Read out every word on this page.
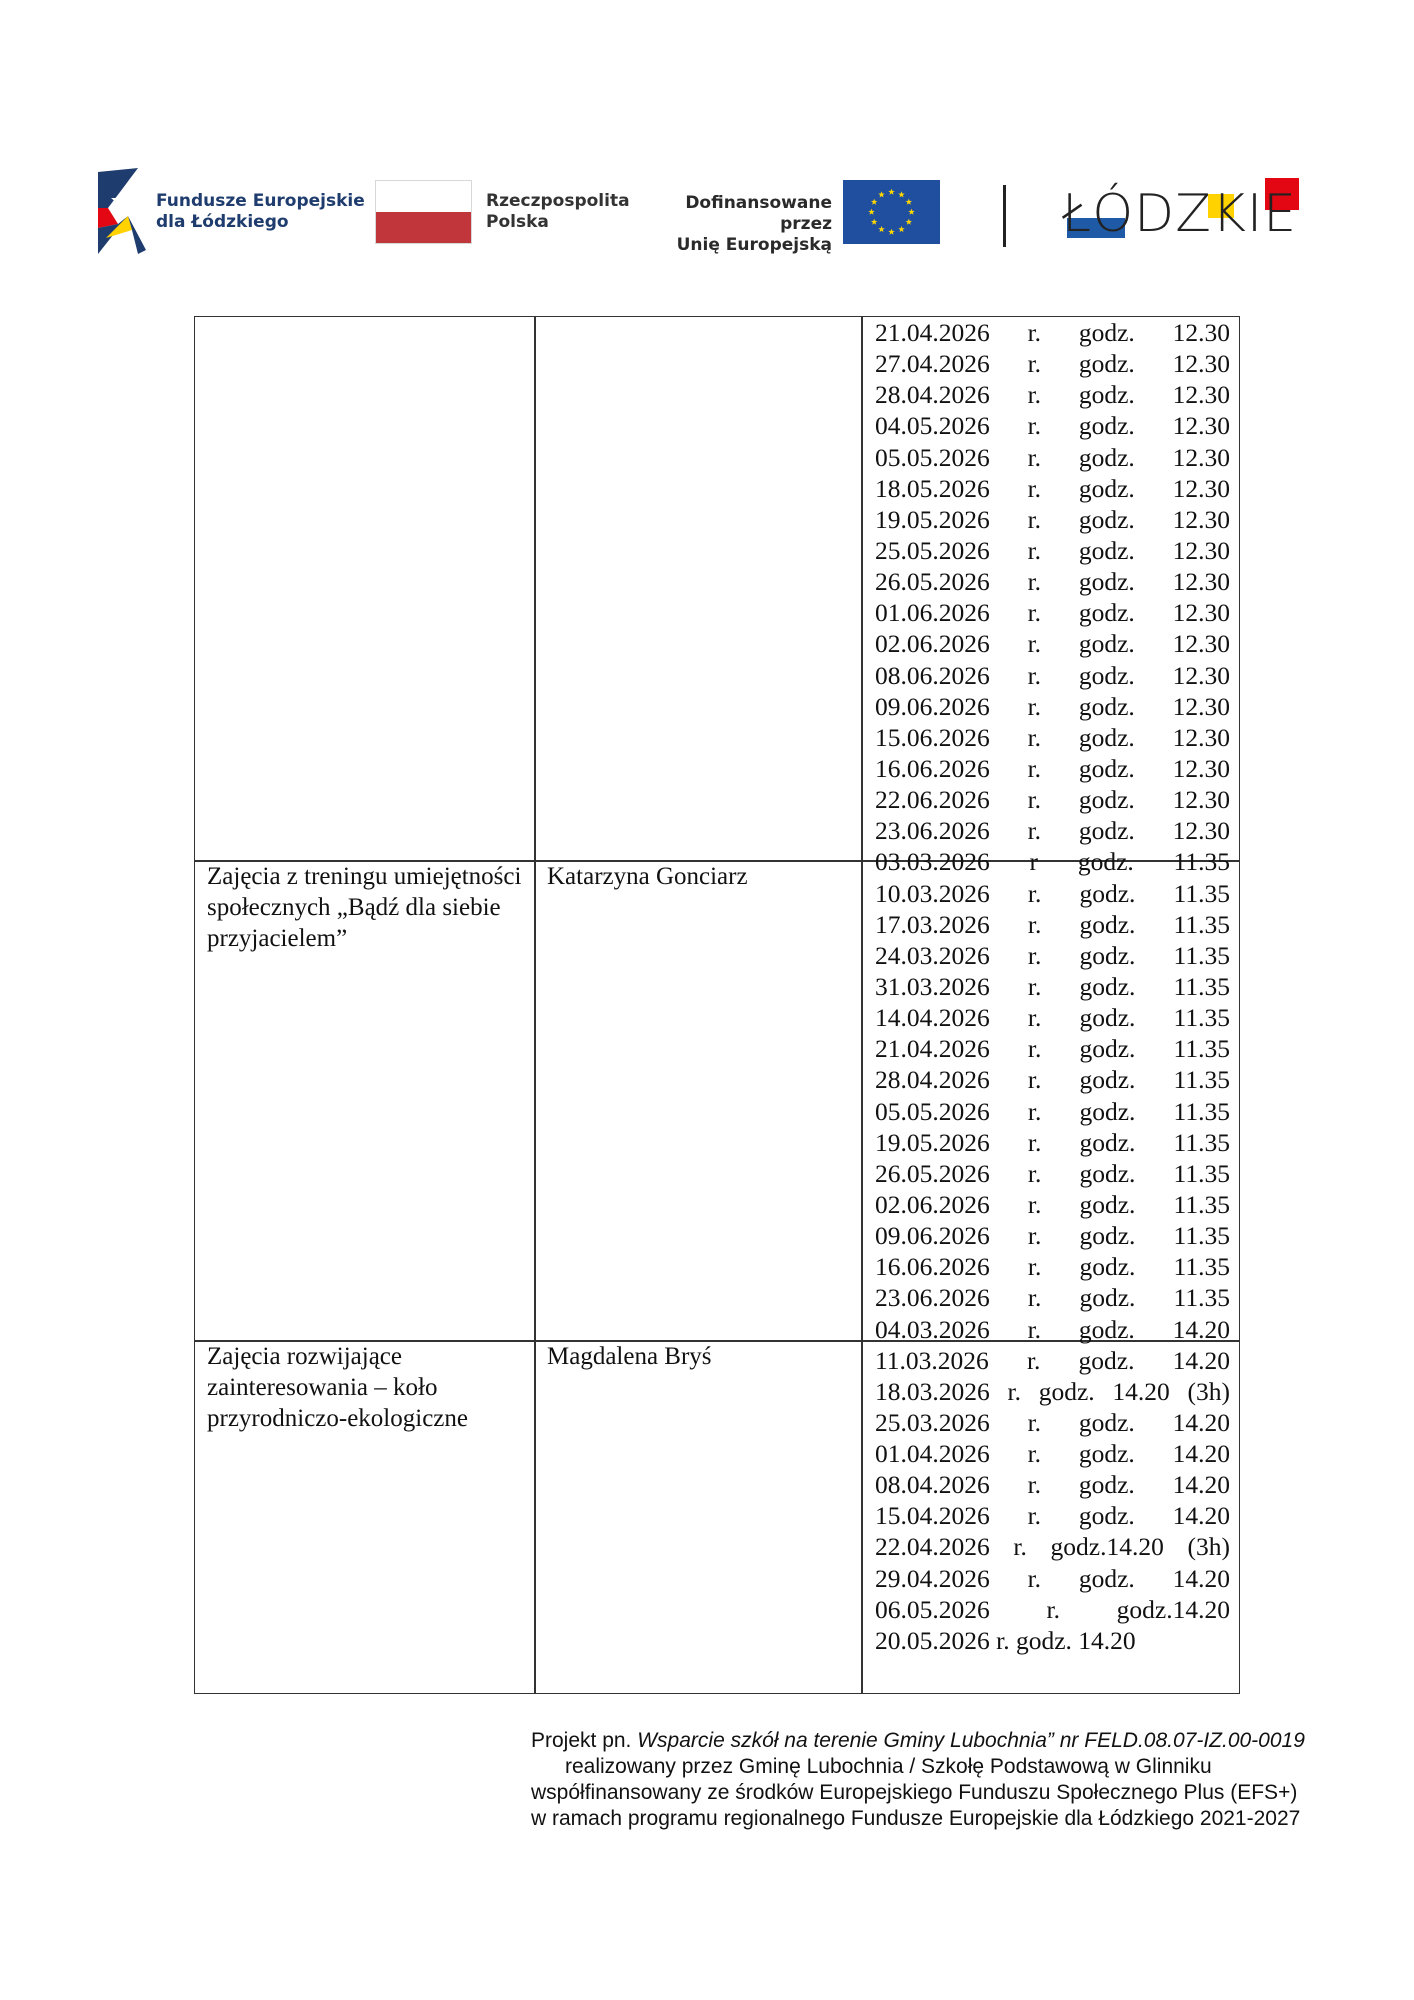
Fundusze Europejskie
dla Łódzkiego
Rzeczpospolita
Polska
Dofinansowane przez
Unię Europejską
ŁÓDZKIE
Zajęcia z treningu umiejętności społecznych „Bądź dla siebie przyjacielem”
Katarzyna Gonciarz
Zajęcia rozwijające zainteresowania – koło przyrodniczo-ekologiczne
Magdalena Bryś
21.04.2026 r. godz. 12.30
27.04.2026 r. godz. 12.30
28.04.2026 r. godz. 12.30
04.05.2026 r. godz. 12.30
05.05.2026 r. godz. 12.30
18.05.2026 r. godz. 12.30
19.05.2026 r. godz. 12.30
25.05.2026 r. godz. 12.30
26.05.2026 r. godz. 12.30
01.06.2026 r. godz. 12.30
02.06.2026 r. godz. 12.30
08.06.2026 r. godz. 12.30
09.06.2026 r. godz. 12.30
15.06.2026 r. godz. 12.30
16.06.2026 r. godz. 12.30
22.06.2026 r. godz. 12.30
23.06.2026 r. godz. 12.30
03.03.2026 r godz. 11.35
10.03.2026 r. godz. 11.35
17.03.2026 r. godz. 11.35
24.03.2026 r. godz. 11.35
31.03.2026 r. godz. 11.35
14.04.2026 r. godz. 11.35
21.04.2026 r. godz. 11.35
28.04.2026 r. godz. 11.35
05.05.2026 r. godz. 11.35
19.05.2026 r. godz. 11.35
26.05.2026 r. godz. 11.35
02.06.2026 r. godz. 11.35
09.06.2026 r. godz. 11.35
16.06.2026 r. godz. 11.35
23.06.2026 r. godz. 11.35
04.03.2026 r. godz. 14.20
11.03.2026 r. godz. 14.20
18.03.2026 r. godz. 14.20 (3h)
25.03.2026 r. godz. 14.20
01.04.2026 r. godz. 14.20
08.04.2026 r. godz. 14.20
15.04.2026 r. godz. 14.20
22.04.2026 r. godz.14.20 (3h)
29.04.2026 r. godz. 14.20
06.05.2026 r. godz.14.20
20.05.2026 r. godz. 14.20
Projekt pn. Wsparcie szkół na terenie Gminy Lubochnia” nr FELD.08.07-IZ.00-0019
realizowany przez Gminę Lubochnia / Szkołę Podstawową w Glinniku
współfinansowany ze środków Europejskiego Funduszu Społecznego Plus (EFS+)
w ramach programu regionalnego Fundusze Europejskie dla Łódzkiego 2021-2027
